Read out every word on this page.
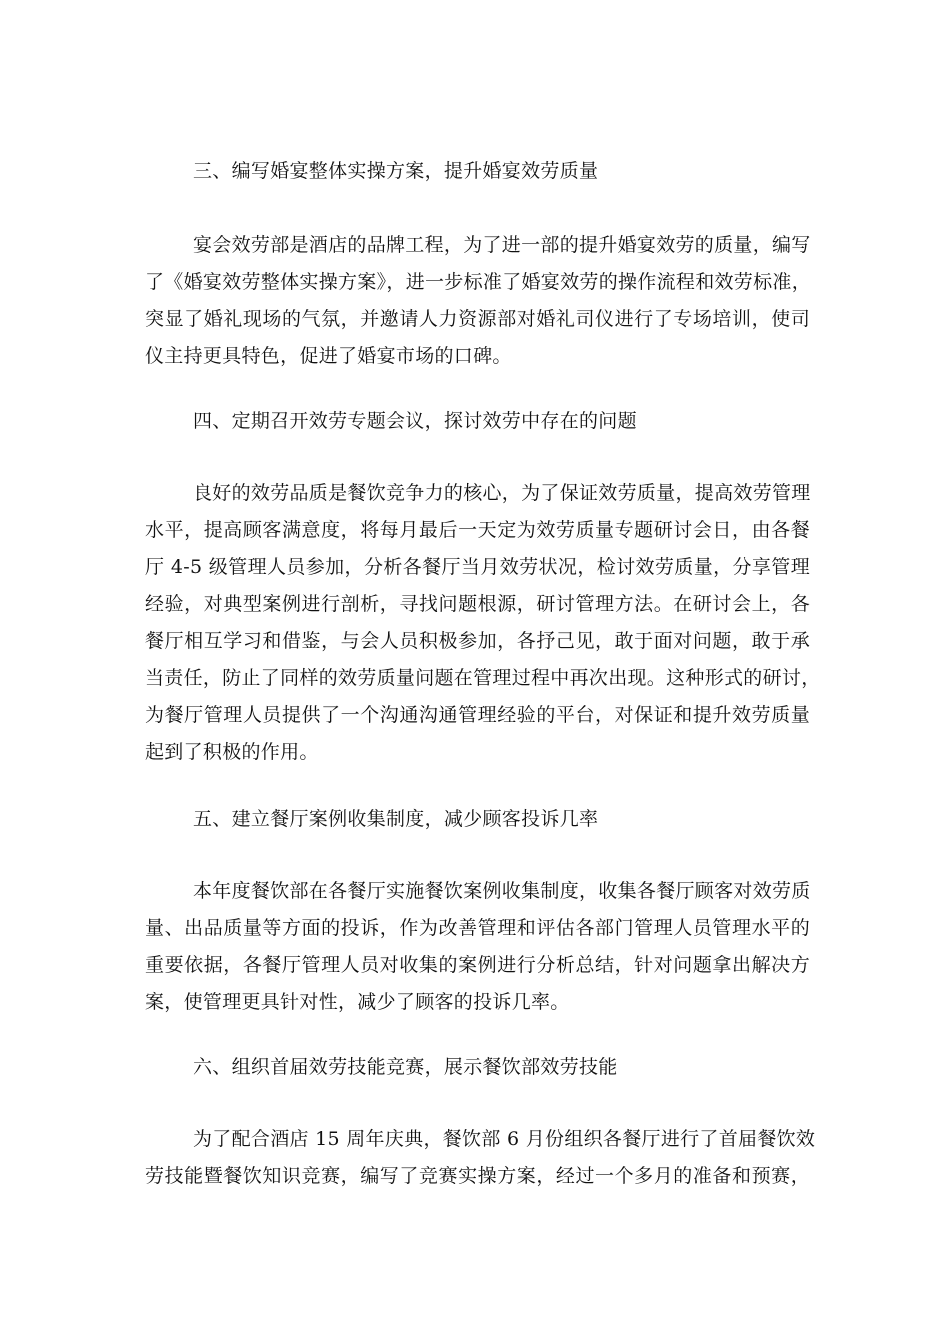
三、编写婚宴整体实操方案，提升婚宴效劳质量
宴会效劳部是酒店的品牌工程，为了进一部的提升婚宴效劳的质量，编写
了《婚宴效劳整体实操方案》，进一步标准了婚宴效劳的操作流程和效劳标准，
突显了婚礼现场的气氛，并邀请人力资源部对婚礼司仪进行了专场培训，使司
仪主持更具特色，促进了婚宴市场的口碑。
四、定期召开效劳专题会议，探讨效劳中存在的问题
良好的效劳品质是餐饮竞争力的核心，为了保证效劳质量，提高效劳管理
水平，提高顾客满意度，将每月最后一天定为效劳质量专题研讨会日，由各餐
厅 4-5 级管理人员参加，分析各餐厅当月效劳状况，检讨效劳质量，分享管理
经验，对典型案例进行剖析，寻找问题根源，研讨管理方法。在研讨会上，各
餐厅相互学习和借鉴，与会人员积极参加，各抒己见，敢于面对问题，敢于承
当责任，防止了同样的效劳质量问题在管理过程中再次出现。这种形式的研讨，
为餐厅管理人员提供了一个沟通沟通管理经验的平台，对保证和提升效劳质量
起到了积极的作用。
五、建立餐厅案例收集制度，减少顾客投诉几率
本年度餐饮部在各餐厅实施餐饮案例收集制度，收集各餐厅顾客对效劳质
量、出品质量等方面的投诉，作为改善管理和评估各部门管理人员管理水平的
重要依据，各餐厅管理人员对收集的案例进行分析总结，针对问题拿出解决方
案，使管理更具针对性，减少了顾客的投诉几率。
六、组织首届效劳技能竞赛，展示餐饮部效劳技能
为了配合酒店 15 周年庆典，餐饮部 6 月份组织各餐厅进行了首届餐饮效
劳技能暨餐饮知识竞赛，编写了竞赛实操方案，经过一个多月的准备和预赛，
